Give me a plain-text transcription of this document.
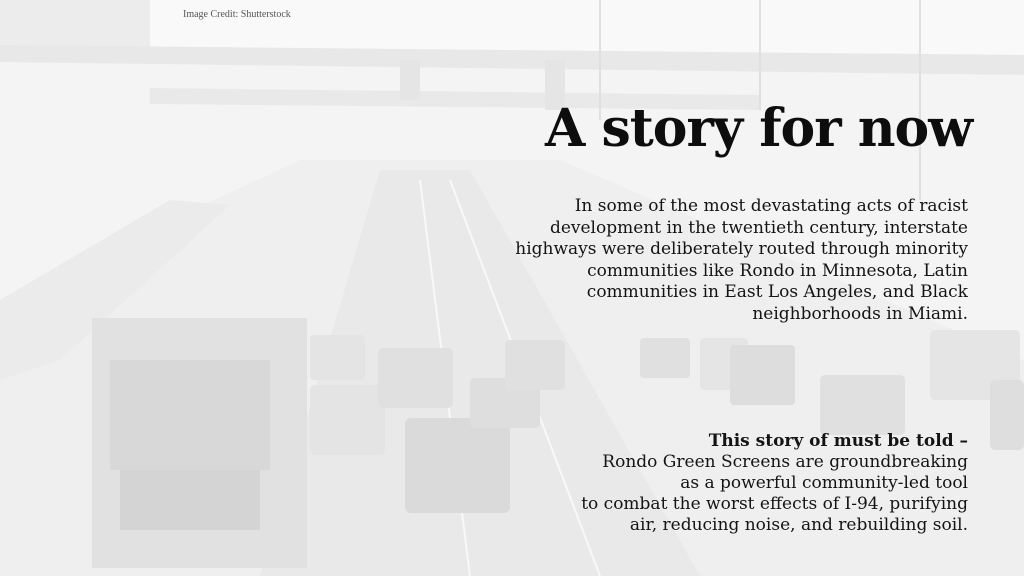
Image Credit: Shutterstock
A story for now

In some of the most devastating acts of racist development in the twentieth century, interstate highways were deliberately routed through minority communities like Rondo in Minnesota, Latin communities in East Los Angeles, and Black neighborhoods in Miami.

This story of must be told –
Rondo Green Screens are groundbreaking
as a powerful community-led tool
to combat the worst effects of I-94, purifying
air, reducing noise, and rebuilding soil.
